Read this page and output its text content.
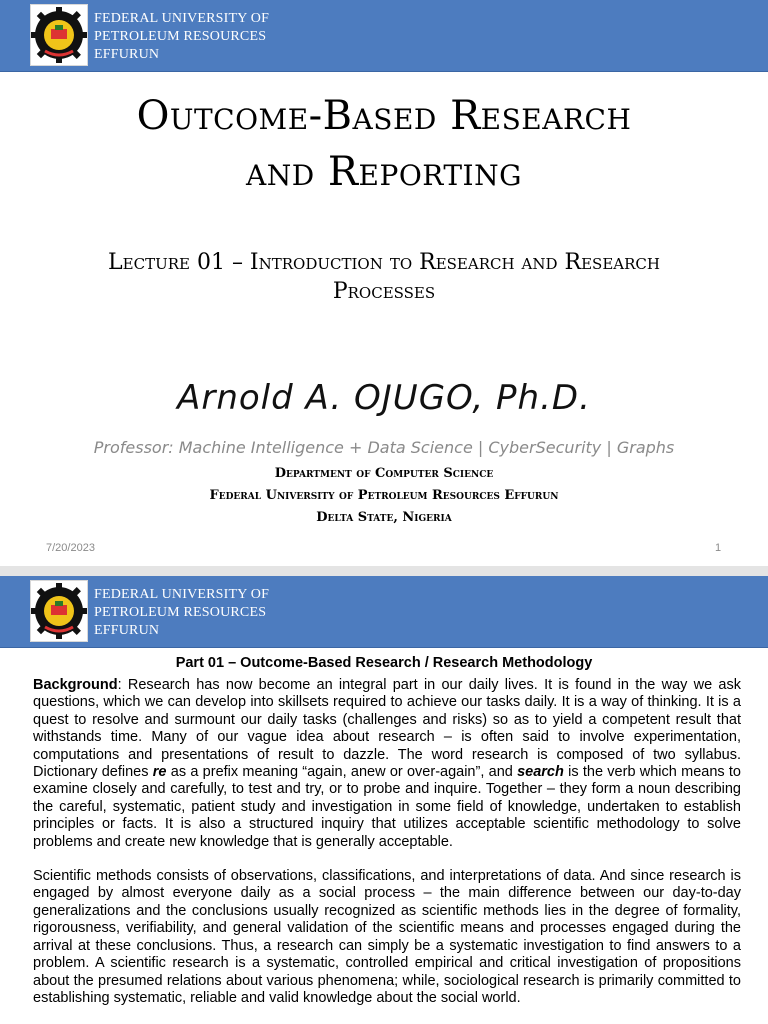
FEDERAL UNIVERSITY OF
PETROLEUM RESOURCES
EFFURUN
Outcome-Based Research
and Reporting
Lecture 01 – Introduction to Research and Research Processes
Arnold A. OJUGO, Ph.D.
Professor: Machine Intelligence + Data Science | CyberSecurity | Graphs
Department of Computer Science
Federal University of Petroleum Resources Effurun
Delta State, Nigeria
7/20/2023	1
FEDERAL UNIVERSITY OF
PETROLEUM RESOURCES
EFFURUN
Part 01 – Outcome-Based Research / Research Methodology

Background: Research has now become an integral part in our daily lives. It is found in the way we ask questions, which we can develop into skillsets required to achieve our tasks daily. It is a way of thinking. It is a quest to resolve and surmount our daily tasks (challenges and risks) so as to yield a competent result that withstands time. Many of our vague idea about research – is often said to involve experimentation, computations and presentations of result to dazzle. The word research is composed of two syllabus. Dictionary defines re as a prefix meaning “again, anew or over-again”, and search is the verb which means to examine closely and carefully, to test and try, or to probe and inquire. Together – they form a noun describing the careful, systematic, patient study and investigation in some field of knowledge, undertaken to establish principles or facts. It is also a structured inquiry that utilizes acceptable scientific methodology to solve problems and create new knowledge that is generally acceptable.

Scientific methods consists of observations, classifications, and interpretations of data. And since research is engaged by almost everyone daily as a social process – the main difference between our day-to-day generalizations and the conclusions usually recognized as scientific methods lies in the degree of formality, rigorousness, verifiability, and general validation of the scientific means and processes engaged during the arrival at these conclusions. Thus, a research can simply be a systematic investigation to find answers to a problem. A scientific research is a systematic, controlled empirical and critical investigation of propositions about the presumed relations about various phenomena; while, sociological research is primarily committed to establishing systematic, reliable and valid knowledge about the social world.
